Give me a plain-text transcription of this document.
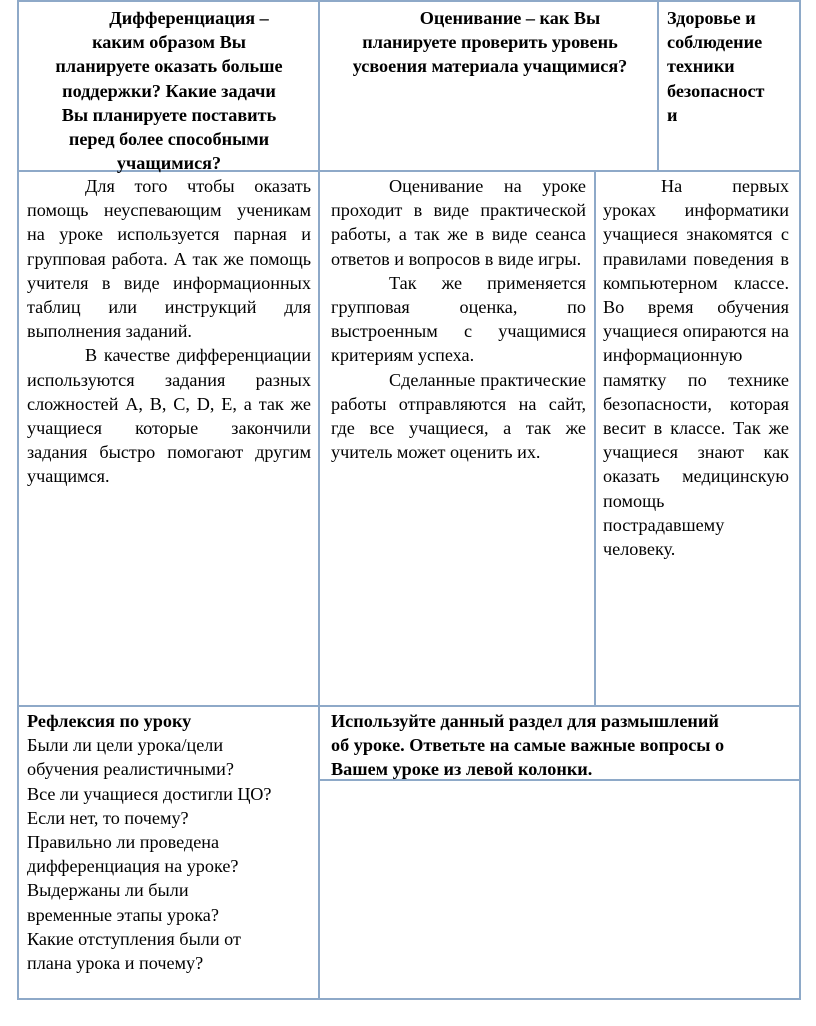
Дифференциация –
каким образом Вы
планируете оказать больше
поддержки? Какие задачи
Вы планируете поставить
перед более способными
учащимися?
Оценивание – как Вы
планируете проверить уровень
усвоения материала учащимися?
Здоровье и
соблюдение
техники
безопасност
и

Для того чтобы оказать помощь неуспевающим ученикам на уроке используется парная и групповая работа. А так же помощь учителя в виде информационных таблиц или инструкций для выполнения заданий.

В качестве дифференциации используются задания разных сложностей А, В, С, D, Е, а так же учащиеся которые закончили задания быстро помогают другим учащимся.

Оценивание на уроке проходит в виде практической работы, а так же в виде сеанса ответов и вопросов в виде игры.

Так же применяется групповая оценка, по выстроенным с учащимися критериям успеха.

Сделанные практические работы отправляются на сайт, где все учащиеся, а так же учитель может оценить их.

На первых уроках информатики учащиеся знакомятся с правилами поведения в компьютерном классе. Во время обучения учащиеся опираются на информационную памятку по технике безопасности, которая весит в классе. Так же учащиеся знают как оказать медицинскую помощь пострадавшему человеку.

Рефлексия по уроку
Были ли цели урока/цели
обучения реалистичными?
Все ли учащиеся достигли ЦО?
Если нет, то почему?
Правильно ли проведена
дифференциация на уроке?
Выдержаны ли были
временные этапы урока?
Какие отступления были от
плана урока и почему?
Используйте данный раздел для размышлений
об уроке. Ответьте на самые важные вопросы о
Вашем уроке из левой колонки.
